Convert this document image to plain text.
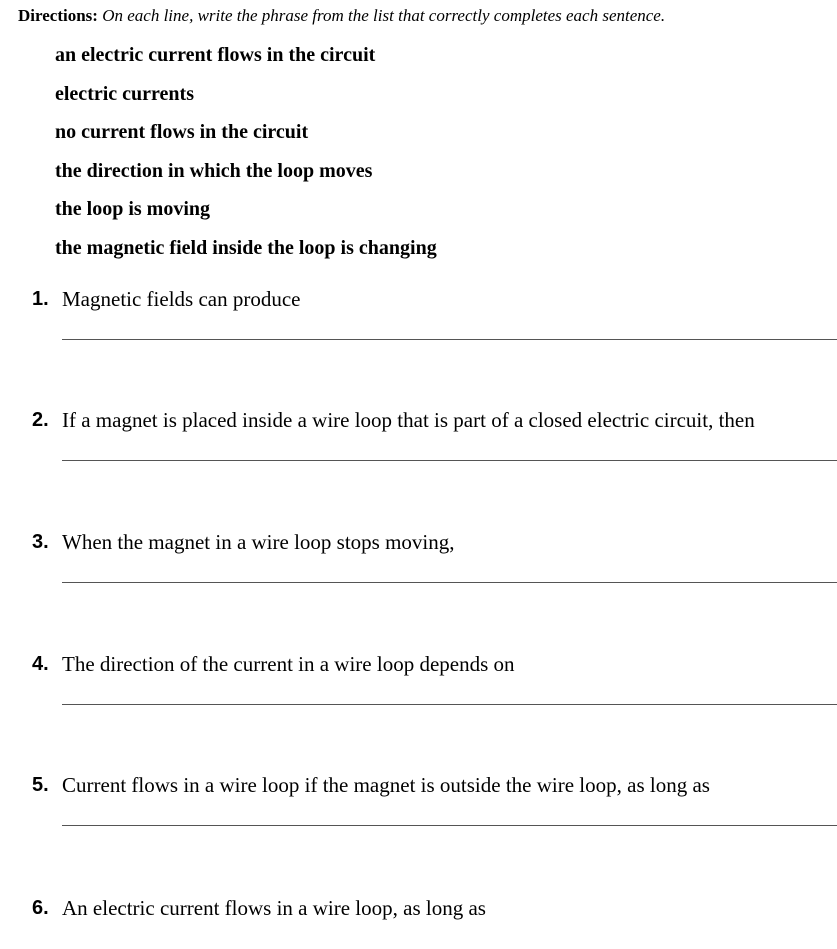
Directions: On each line, write the phrase from the list that correctly completes each sentence.
an electric current flows in the circuit
electric currents
no current flows in the circuit
the direction in which the loop moves
the loop is moving
the magnetic field inside the loop is changing
1. Magnetic fields can produce
2. If a magnet is placed inside a wire loop that is part of a closed electric circuit, then
3. When the magnet in a wire loop stops moving,
4. The direction of the current in a wire loop depends on
5. Current flows in a wire loop if the magnet is outside the wire loop, as long as
6. An electric current flows in a wire loop, as long as
